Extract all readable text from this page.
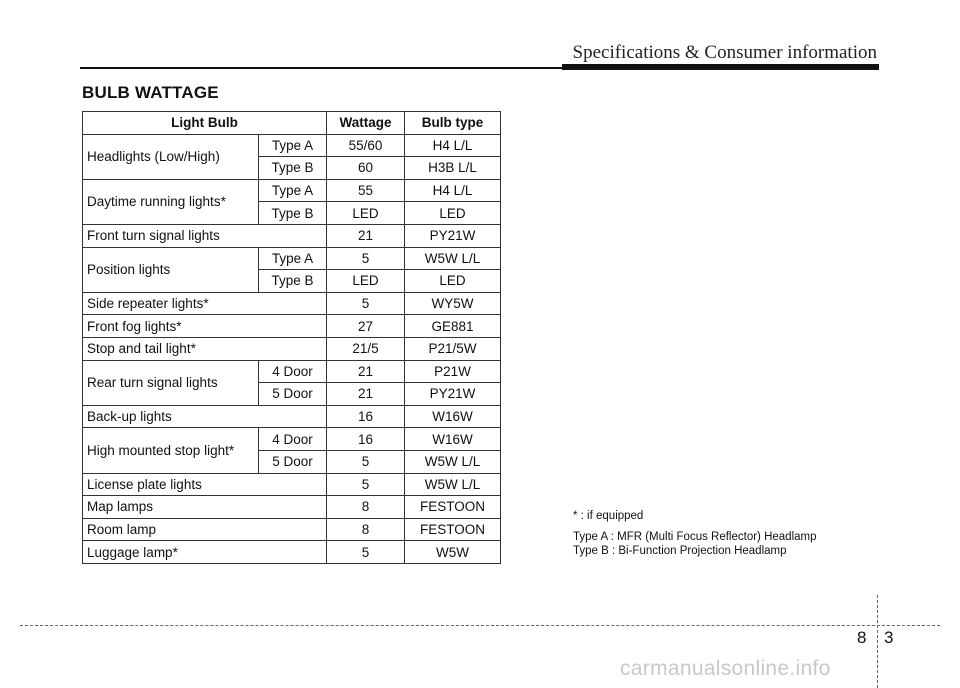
Specifications & Consumer information
BULB WATTAGE
Light Bulb		Wattage	Bulb type
Headlights (Low/High)	Type A	55/60	H4 L/L
	Type B	60	H3B L/L
Daytime running lights*	Type A	55	H4 L/L
	Type B	LED	LED
Front turn signal lights		21	PY21W
Position lights	Type A	5	W5W L/L
	Type B	LED	LED
Side repeater lights*		5	WY5W
Front fog lights*		27	GE881
Stop and tail light*		21/5	P21/5W
Rear turn signal lights	4 Door	21	P21W
	5 Door	21	PY21W
Back-up lights		16	W16W
High mounted stop light*	4 Door	16	W16W
	5 Door	5	W5W L/L
License plate lights		5	W5W L/L
Map lamps		8	FESTOON
Room lamp		8	FESTOON
Luggage lamp*		5	W5W
* : if equipped
Type A : MFR (Multi Focus Reflector) Headlamp
Type B : Bi-Function Projection Headlamp
8 3
carmanualsonline.info
